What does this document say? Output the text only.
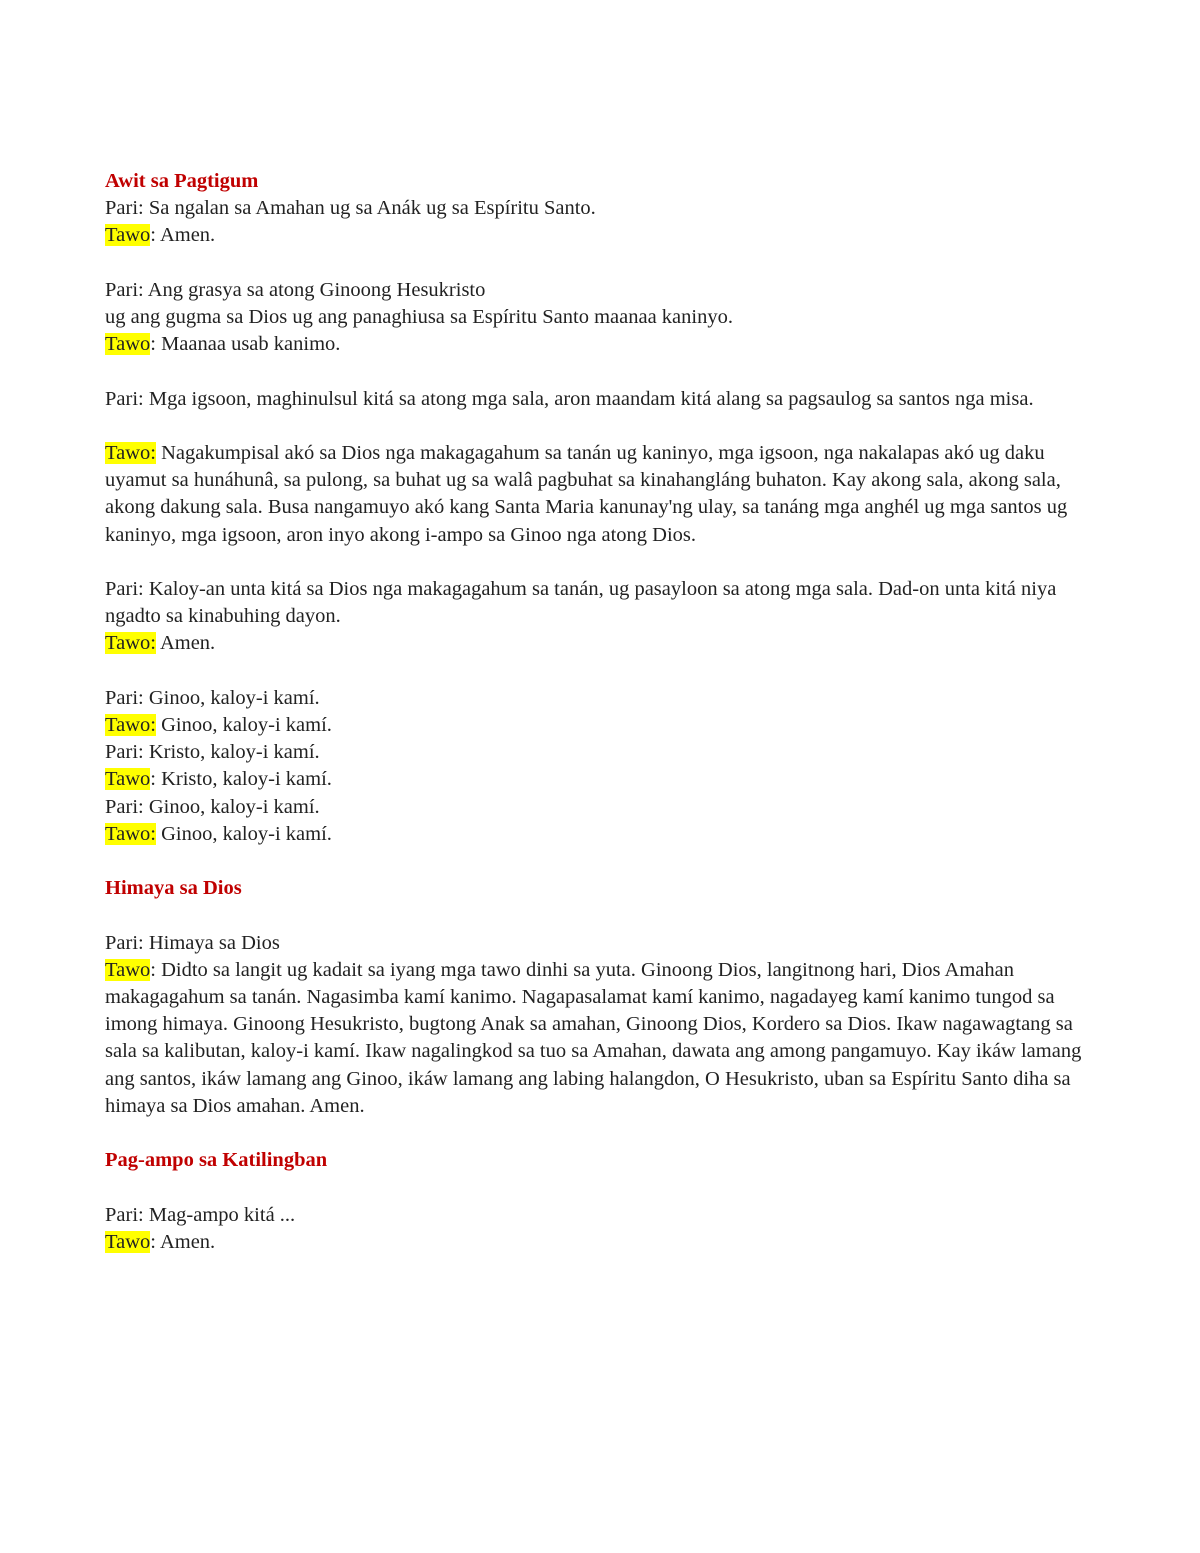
Awit sa Pagtigum

Pari: Sa ngalan sa Amahan ug sa Anák ug sa Espíritu Santo.

Tawo: Amen.

Pari: Ang grasya sa atong Ginoong Hesukristo

ug ang gugma sa Dios ug ang panaghiusa sa Espíritu Santo maanaa kaninyo.

Tawo: Maanaa usab kanimo.

Pari: Mga igsoon, maghinulsul kitá sa atong mga sala, aron maandam kitá alang sa pagsaulog sa santos nga misa.

Tawo: Nagakumpisal akó sa Dios nga makagagahum sa tanán ug kaninyo, mga igsoon, nga nakalapas akó ug daku uyamut sa hunáhunâ, sa pulong, sa buhat ug sa walâ pagbuhat sa kinahangláng buhaton. Kay akong sala, akong sala, akong dakung sala. Busa nangamuyo akó kang Santa Maria kanunay'ng ulay, sa tanáng mga anghél ug mga santos ug kaninyo, mga igsoon, aron inyo akong i-ampo sa Ginoo nga atong Dios.

Pari: Kaloy-an unta kitá sa Dios nga makagagahum sa tanán, ug pasayloon sa atong mga sala. Dad-on unta kitá niya ngadto sa kinabuhing dayon.

Tawo: Amen.

Pari: Ginoo, kaloy-i kamí.

Tawo: Ginoo, kaloy-i kamí.

Pari: Kristo, kaloy-i kamí.

Tawo: Kristo, kaloy-i kamí.

Pari: Ginoo, kaloy-i kamí.

Tawo: Ginoo, kaloy-i kamí.

Himaya sa Dios

Pari: Himaya sa Dios

Tawo: Didto sa langit ug kadait sa iyang mga tawo dinhi sa yuta. Ginoong Dios, langitnong hari, Dios Amahan makagagahum sa tanán. Nagasimba kamí kanimo. Nagapasalamat kamí kanimo, nagadayeg kamí kanimo tungod sa imong himaya. Ginoong Hesukristo, bugtong Anak sa amahan, Ginoong Dios, Kordero sa Dios. Ikaw nagawagtang sa sala sa kalibutan, kaloy-i kamí. Ikaw nagalingkod sa tuo sa Amahan, dawata ang among pangamuyo. Kay ikáw lamang ang santos, ikáw lamang ang Ginoo, ikáw lamang ang labing halangdon, O Hesukristo, uban sa Espíritu Santo diha sa himaya sa Dios amahan. Amen.

Pag-ampo sa Katilingban

Pari: Mag-ampo kitá ...

Tawo: Amen.
